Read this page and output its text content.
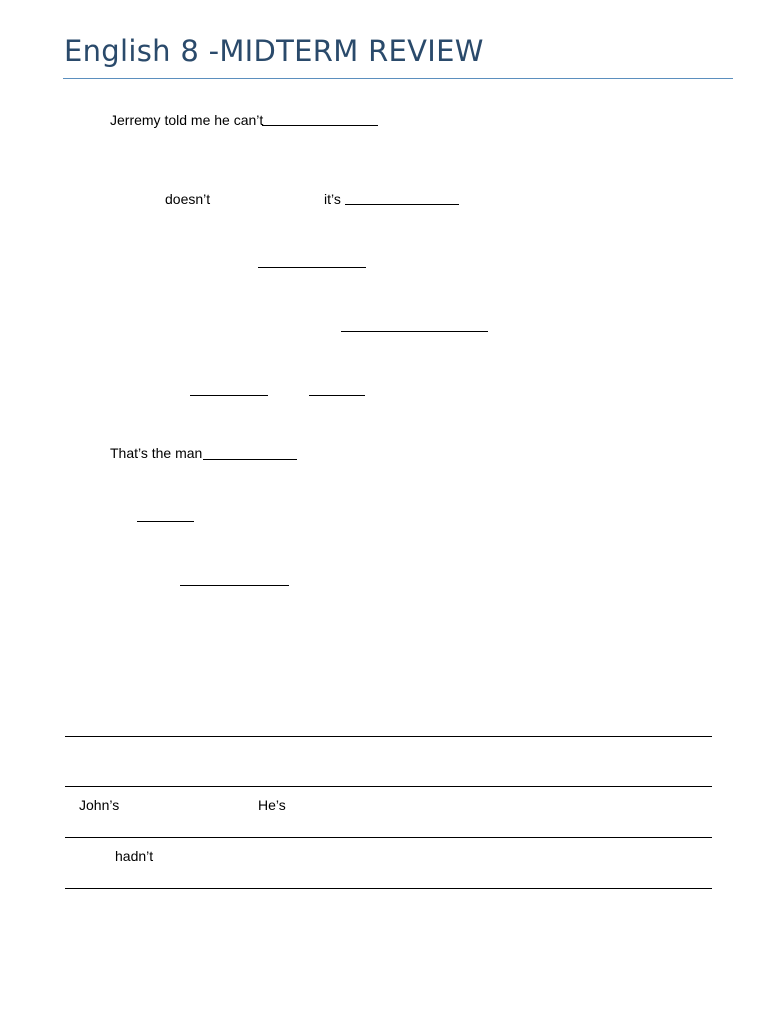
English 8 -MIDTERM REVIEW
Jerremy told me he can’t
doesn’t	it’s
That’s the man
John’s	He’s
hadn’t
